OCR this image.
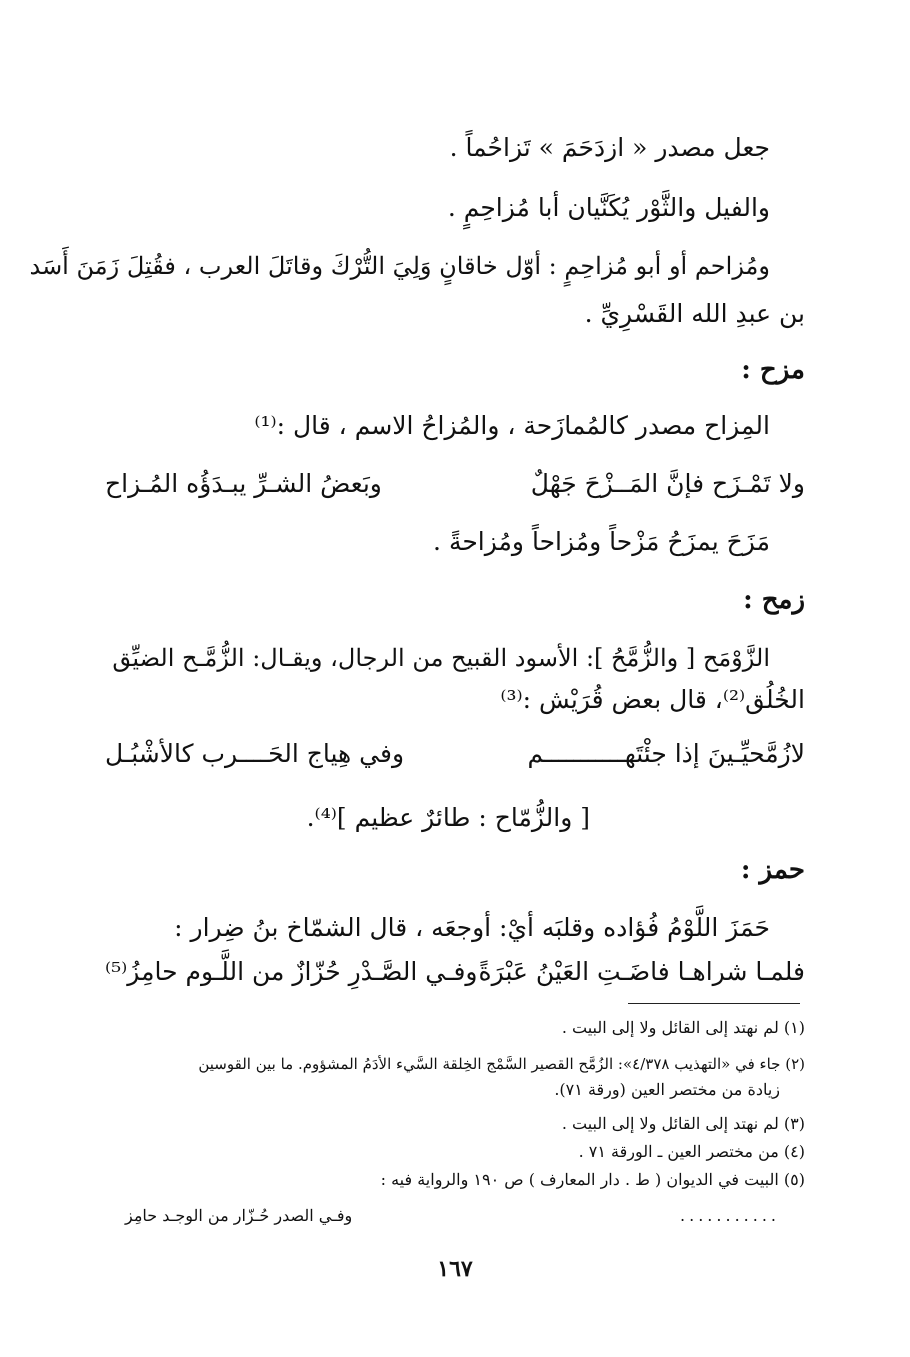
جعل مصدر « ازدَحَمَ » تَزاحُماً .
والفيل والثَّوْر يُكَنَّيان أبا مُزاحِمٍ .
ومُزاحم أو أبو مُزاحِمٍ : أوّل خاقانٍ وَلِيَ التُّرْكَ وقاتَلَ العرب ، فقُتِلَ زَمَنَ أَسَد
بن عبدِ الله القَسْرِيِّ .
مزح :
المِزاح مصدر كالمُمازَحة ، والمُزاحُ الاسم ، قال :⁽¹⁾
ولا تَمْـزَح فإنَّ المَــزْحَ جَهْلٌ
وبَعضُ الشـرِّ يبـدَؤُه المُـزاح
مَزَحَ يمزَحُ مَزْحاً ومُزاحاً ومُزاحةً .
زمح :
الزَّوْمَح [ والزُّمَّحُ ]: الأسود القبيح من الرجال، ويقـال: الزُّمَّـح الضيِّق
الخُلُق⁽²⁾، قال بعض قُرَيْش :⁽³⁾
لازُمَّحيِّـينَ إذا جئْتَهـــــــــــم
وفي هِياج الحَــــرب كالأشْبُـل
[ والزُّمّاح : طائرٌ عظيم ]⁽⁴⁾.
حمز :
حَمَزَ اللَّوْمُ فُؤاده وقلبَه أيْ: أوجعَه ، قال الشمّاخ بنُ ضِرار :
فلمـا شراهـا فاضَـتِ العَيْنُ عَبْرَةً
وفـي الصَّـدْرِ حُزّازٌ من اللَّـوم حامِزُ⁽⁵⁾
(١) لم نهتد إلى القائل ولا إلى البيت .
(٢) جاء في «التهذيب ٤/٣٧٨»: الزُمَّح القصير السَّمْج الخِلقة السَّيء الأدَمُ المشؤوم. ما بين القوسين
زيادة من مختصر العين (ورقة ٧١).
(٣) لم نهتد إلى القائل ولا إلى البيت .
(٤) من مختصر العين ـ الورقة ٧١ .
(٥) البيت في الديوان ( ط . دار المعارف ) ص ١٩٠ والرواية فيه :
...........
وفـي الصدر حُـزّار من الوجـد حامِز
١٦٧
